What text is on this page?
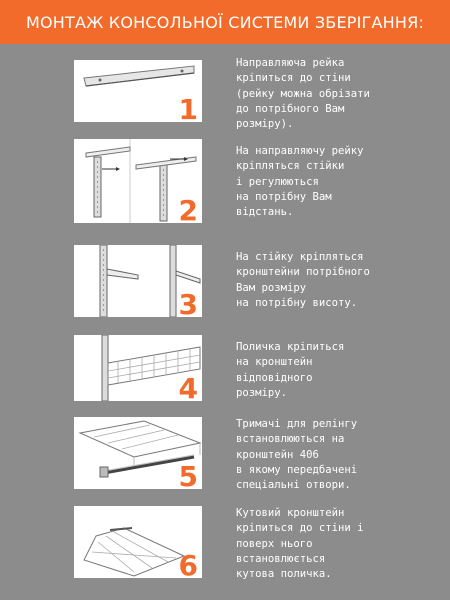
МОНТАЖ КОНСОЛЬНОЇ СИСТЕМИ ЗБЕРІГАННЯ:
1
Направляюча рейка
кріпиться до стіни
(рейку можна обрізати
до потрібного Вам
розміру).
2
На направляючу рейку
кріпляться стійки
і регулюються
на потрібну Вам
відстань.
3
На стійку кріпляться
кронштейни потрібного
Вам розміру
на потрібну висоту.
4
Поличка кріпиться
на кронштейн
відповідного
розміру.
5
Тримачі для релінгу
встановлюються на
кронштейн 406
в якому передбачені
спеціальні отвори.
6
Кутовий кронштейн
кріпиться до стіни і
поверх нього
встановлюється
кутова поличка.
